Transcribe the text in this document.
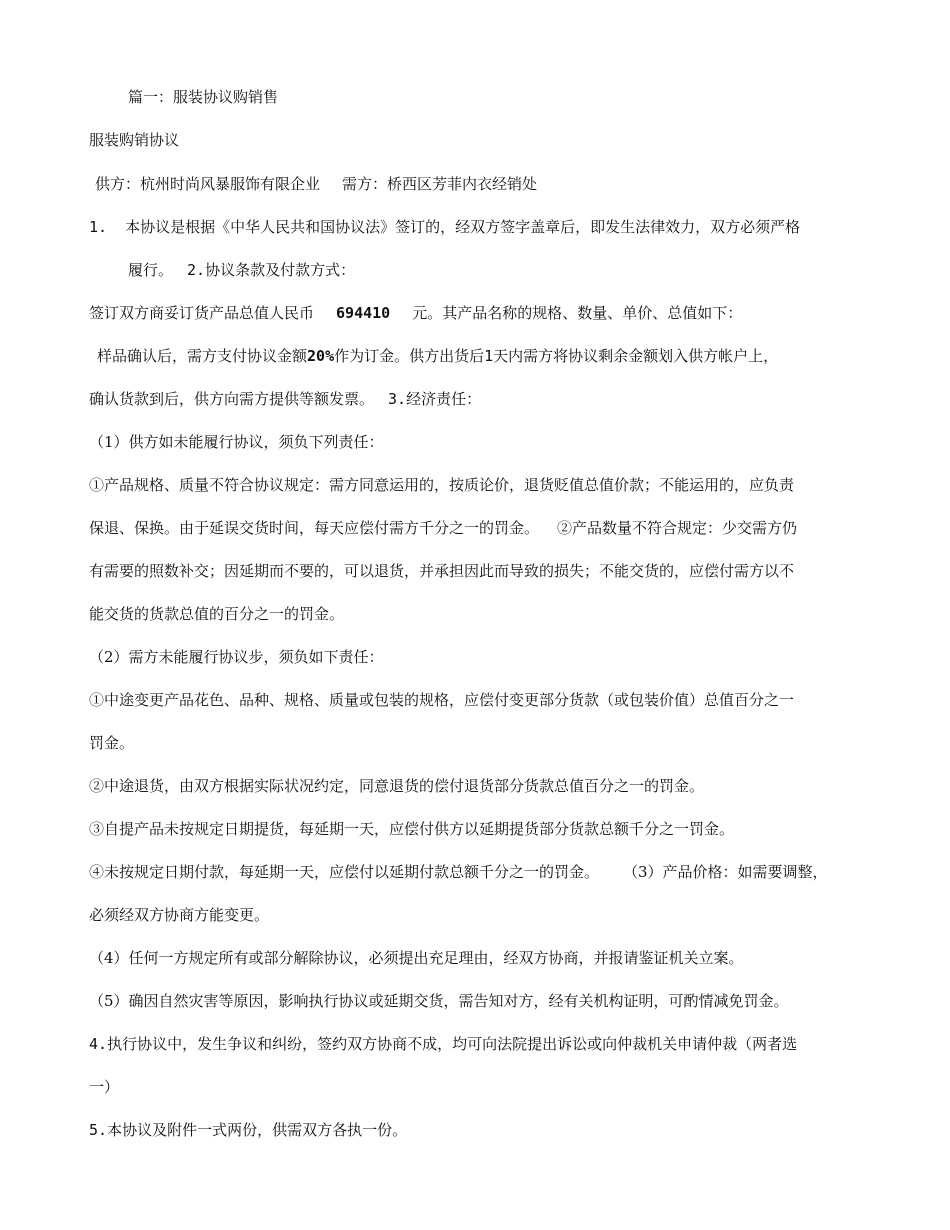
篇一：服装协议购销售
服装购销协议
供方：杭州时尚风暴服饰有限企业 需方：桥西区芳菲内衣经销处
1. 本协议是根据《中华人民共和国协议法》签订的，经双方签字盖章后，即发生法律效力，双方必须严格
履行。 2.协议条款及付款方式：
签订双方商妥订货产品总值人民币 694410 元。其产品名称的规格、数量、单价、总值如下：
样品确认后，需方支付协议金额20%作为订金。供方出货后1天内需方将协议剩余金额划入供方帐户上，
确认货款到后，供方向需方提供等额发票。 3.经济责任：
（1）供方如未能履行协议，须负下列责任：
①产品规格、质量不符合协议规定：需方同意运用的，按质论价，退货贬值总值价款；不能运用的，应负责
保退、保换。由于延误交货时间，每天应偿付需方千分之一的罚金。 ②产品数量不符合规定：少交需方仍
有需要的照数补交；因延期而不要的，可以退货，并承担因此而导致的损失；不能交货的，应偿付需方以不
能交货的货款总值的百分之一的罚金。
（2）需方未能履行协议步，须负如下责任：
①中途变更产品花色、品种、规格、质量或包装的规格，应偿付变更部分货款（或包装价值）总值百分之一
罚金。
②中途退货，由双方根据实际状况约定，同意退货的偿付退货部分货款总值百分之一的罚金。
③自提产品未按规定日期提货，每延期一天，应偿付供方以延期提货部分货款总额千分之一罚金。
④未按规定日期付款，每延期一天，应偿付以延期付款总额千分之一的罚金。 （3）产品价格：如需要调整，
必须经双方协商方能变更。
（4）任何一方规定所有或部分解除协议，必须提出充足理由，经双方协商，并报请鉴证机关立案。
（5）确因自然灾害等原因，影响执行协议或延期交货，需告知对方，经有关机构证明，可酌情减免罚金。
4.执行协议中，发生争议和纠纷，签约双方协商不成，均可向法院提出诉讼或向仲裁机关申请仲裁（两者选
一）
5.本协议及附件一式两份，供需双方各执一份。
